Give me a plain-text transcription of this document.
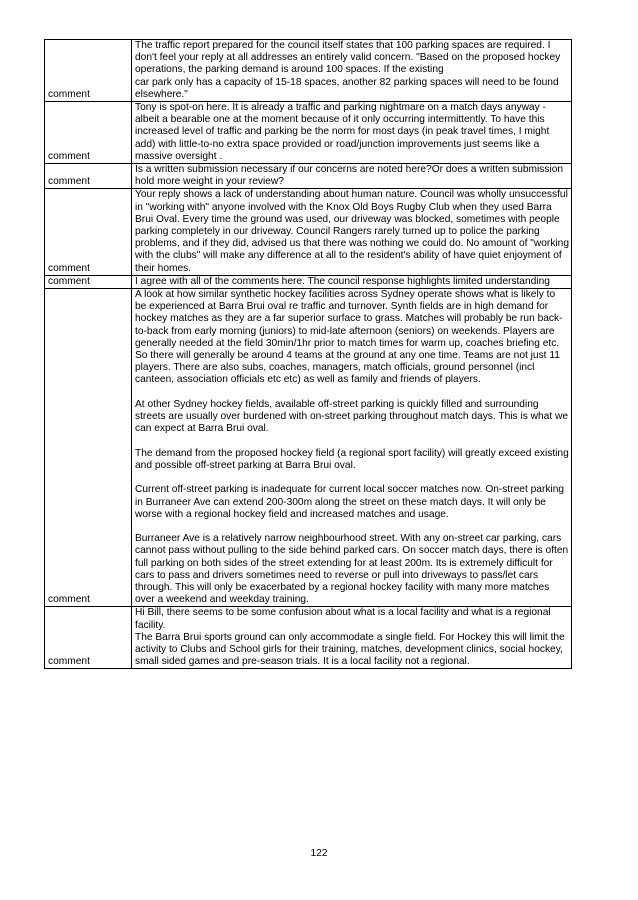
comment	The traffic report prepared for the council itself states that 100 parking spaces are required. I don't feel your reply at all addresses an entirely valid concern. "Based on the proposed hockey operations, the parking demand is around 100 spaces. If the existing
car park only has a capacity of 15-18 spaces, another 82 parking spaces will need to be found elsewhere."
comment	Tony is spot-on here. It is already a traffic and parking nightmare on a match days anyway - albeit a bearable one at the moment because of it only occurring intermittently. To have this increased level of traffic and parking be the norm for most days (in peak travel times, I might add) with little-to-no extra space provided or road/junction improvements just seems like a massive oversight .
comment	Is a written submission necessary if our concerns are noted here?Or does a written submission hold more weight in your review?
comment	Your reply shows a lack of understanding about human nature. Council was wholly unsuccessful in "working with" anyone involved with the Knox Old Boys Rugby Club when they used Barra Brui Oval. Every time the ground was used, our driveway was blocked, sometimes with people parking completely in our driveway. Council Rangers rarely turned up to police the parking problems, and if they did, advised us that there was nothing we could do. No amount of "working with the clubs" will make any difference at all to the resident's ability of have quiet enjoyment of their homes.
comment	I agree with all of the comments here. The council response highlights limited understanding
comment	A look at how similar synthetic hockey facilities across Sydney operate shows what is likely to be experienced at Barra Brui oval re traffic and turnover. Synth fields are in high demand for hockey matches as they are a far superior surface to grass. Matches will probably be run back-to-back from early morning (juniors) to mid-late afternoon (seniors) on weekends. Players are generally needed at the field 30min/1hr prior to match times for warm up, coaches briefing etc. So there will generally be around 4 teams at the ground at any one time. Teams are not just 11 players. There are also subs, coaches, managers, match officials, ground personnel (incl canteen, association officials etc etc) as well as family and friends of players.

At other Sydney hockey fields, available off-street parking is quickly filled and surrounding streets are usually over burdened with on-street parking throughout match days. This is what we can expect at Barra Brui oval.

The demand from the proposed hockey field (a regional sport facility) will greatly exceed existing and possible off-street parking at Barra Brui oval.

Current off-street parking is inadequate for current local soccer matches now. On-street parking in Burraneer Ave can extend 200-300m along the street on these match days. It will only be worse with a regional hockey field and increased matches and usage.

Burraneer Ave is a relatively narrow neighbourhood street. With any on-street car parking, cars cannot pass without pulling to the side behind parked cars. On soccer match days, there is often full parking on both sides of the street extending for at least 200m. Its is extremely difficult for cars to pass and drivers sometimes need to reverse or pull into driveways to pass/let cars through. This will only be exacerbated by a regional hockey facility with many more matches over a weekend and weekday training.
comment	Hi Bill, there seems to be some confusion about what is a local facility and what is a regional facility.
The Barra Brui sports ground can only accommodate a single field. For Hockey this will limit the activity to Clubs and School girls for their training, matches, development clinics, social hockey, small sided games and pre-season trials. It is a local facility not a regional.
122
